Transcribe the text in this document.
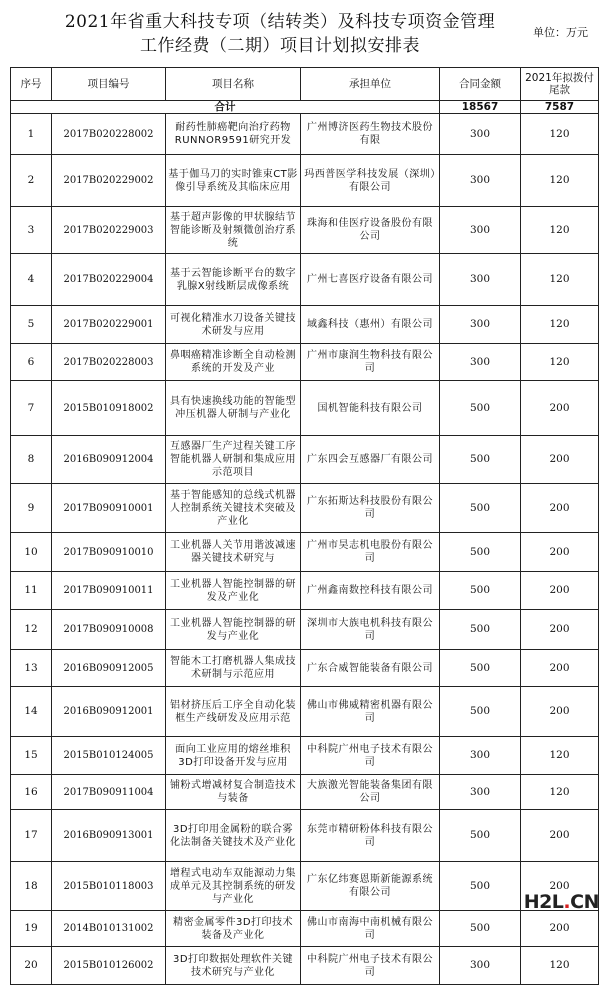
2021年省重大科技专项（结转类）及科技专项资金管理
工作经费（二期）项目计划拟安排表
单位：万元
序号	项目编号	项目名称	承担单位	合同金额	2021年拟拨付尾款
合计				18567	7587
1	2017B020228002	耐药性肺癌靶向治疗药物RUNNOR9591研究开发	广州博济医药生物技术股份有限	300	120
2	2017B020229002	基于伽马刀的实时锥束CT影像引导系统及其临床应用	玛西普医学科技发展（深圳）有限公司	300	120
3	2017B020229003	基于超声影像的甲状腺结节智能诊断及射频微创治疗系统	珠海和佳医疗设备股份有限公司	300	120
4	2017B020229004	基于云智能诊断平台的数字乳腺X射线断层成像系统	广州七喜医疗设备有限公司	300	120
5	2017B020229001	可视化精准水刀设备关键技术研发与应用	域鑫科技（惠州）有限公司	300	120
6	2017B020228003	鼻咽癌精准诊断全自动检测系统的开发及产业	广州市康润生物科技有限公司	300	120
7	2015B010918002	具有快速换线功能的智能型冲压机器人研制与产业化	国机智能科技有限公司	500	200
8	2016B090912004	互感器厂生产过程关键工序智能机器人研制和集成应用示范项目	广东四会互感器厂有限公司	500	200
9	2017B090910001	基于智能感知的总线式机器人控制系统关键技术突破及产业化	广东拓斯达科技股份有限公司	500	200
10	2017B090910010	工业机器人关节用谐波减速器关键技术研究与	广州市昊志机电股份有限公司	500	200
11	2017B090910011	工业机器人智能控制器的研发及产业化	广州鑫南数控科技有限公司	500	200
12	2017B090910008	工业机器人智能控制器的研发与产业化	深圳市大族电机科技有限公司	500	200
13	2016B090912005	智能木工打磨机器人集成技术研制与示范应用	广东合威智能装备有限公司	500	200
14	2016B090912001	铝材挤压后工序全自动化装框生产线研发及应用示范	佛山市佛威精密机器有限公司	500	200
15	2015B010124005	面向工业应用的熔丝堆积3D打印设备开发与应用	中科院广州电子技术有限公司	300	120
16	2017B090911004	铺粉式增减材复合制造技术与装备	大族激光智能装备集团有限公司	300	120
17	2016B090913001	3D打印用金属粉的联合雾化法制备关键技术及产业化	东莞市精研粉体科技有限公司	500	200
18	2015B010118003	增程式电动车双能源动力集成单元及其控制系统的研发与产业化	广东亿纬赛恩斯新能源系统有限公司	500	200
19	2014B010131002	精密金属零件3D打印技术装备及产业化	佛山市南海中南机械有限公司	500	200
20	2015B010126002	3D打印数据处理软件关键技术研究与产业化	中科院广州电子技术有限公司	300	120
H2L.CN
